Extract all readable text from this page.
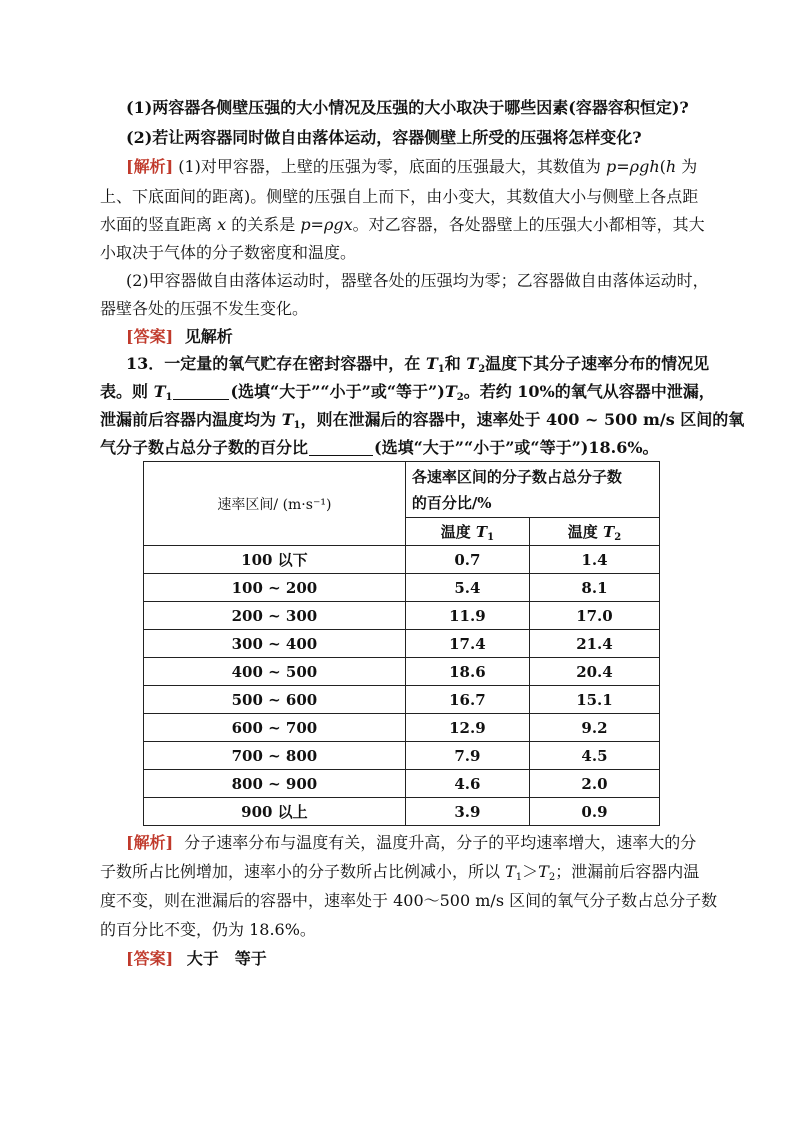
(1)两容器各侧壁压强的大小情况及压强的大小取决于哪些因素(容器容积恒定)?
(2)若让两容器同时做自由落体运动，容器侧壁上所受的压强将怎样变化?
[解析] (1)对甲容器，上壁的压强为零，底面的压强最大，其数值为 p=ρgh(h 为
上、下底面间的距离)。侧壁的压强自上而下，由小变大，其数值大小与侧壁上各点距
水面的竖直距离 x 的关系是 p=ρgx。对乙容器，各处器壁上的压强大小都相等，其大
小取决于气体的分子数密度和温度。
(2)甲容器做自由落体运动时，器壁各处的压强均为零；乙容器做自由落体运动时，
器壁各处的压强不发生变化。
[答案] 见解析
13．一定量的氧气贮存在密封容器中，在 $T_1$和 $T_2$温度下其分子速率分布的情况见
表。则 $T_1$	(选填“大于”“小于”或“等于$”)T_2$。若约 10%的氧气从容器中泄漏，
泄漏前后容器内温度均为 $T_1$，则在泄漏后的容器中，速率处于 400 ~ 500 m/s 区间的氧
气分子数占总分子数的百分比	(选填“大于”“小于”或“等于”)18.6%。
速率区间/ (m·s⁻¹)	各速率区间的分子数占总分子数
的百分比/%	

	温度 $T_1$	温度 $T_2$
100 以下	0.7	1.4
100 ~ 200	5.4	8.1
200 ~ 300	11.9	17.0
300 ~ 400	17.4	21.4
400 ~ 500	18.6	20.4
500 ~ 600	16.7	15.1
600 ~ 700	12.9	9.2
700 ~ 800	7.9	4.5
800 ~ 900	4.6	2.0
900 以上	3.9	0.9
[解析] 分子速率分布与温度有关，温度升高，分子的平均速率增大，速率大的分
子数所占比例增加，速率小的分子数所占比例减小，所以 $T_1>T_2$；泄漏前后容器内温
度不变，则在泄漏后的容器中，速率处于 400～500 m/s 区间的氧气分子数占总分子数
的百分比不变，仍为 18.6%。
[答案] 大于　等于
